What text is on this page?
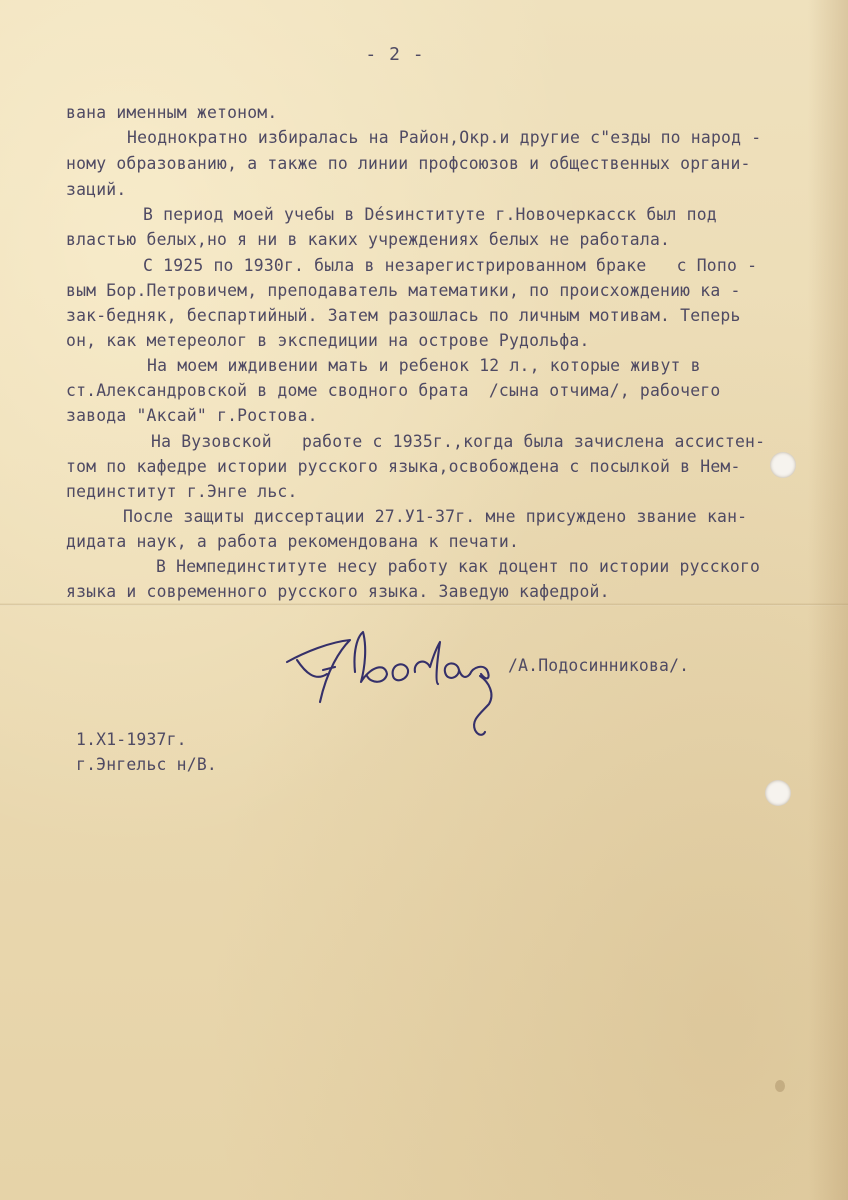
- 2 -
вана именным жетоном.
Неоднократно избиралась на Район,Окр.и другие с"езды по народ -
ному образованию, а также по линии профсоюзов и общественных органи-
заций.
В период моей учебы в Désинституте г.Новочеркасск был под
властью белых,но я ни в каких учреждениях белых не работала.
С 1925 по 1930г. была в незарегистрированном браке   с Попо -
вым Бор.Петровичем, преподаватель математики, по происхождению ка -
зак-бедняк, беспартийный. Затем разошлась по личным мотивам. Теперь
он, как метереолог в экспедиции на острове Рудольфа.
На моем иждивении мать и ребенок 12 л., которые живут в
ст.Александровской в доме сводного брата  /сына отчима/, рабочего
завода "Аксай" г.Ростова.
На Вузовской   работе с 1935г.,когда была зачислена ассистен-
том по кафедре истории русского языка,освобождена с посылкой в Нем-
пединститут г.Энге льс.
После защиты диссертации 27.У1-37г. мне присуждено звание кан-
дидата наук, а работа рекомендована к печати.
В Немпединституте несу работу как доцент по истории русского
языка и современного русского языка. Заведую кафедрой.
/А.Подосинникова/.
1.Х1-1937г.
г.Энгельс н/В.
